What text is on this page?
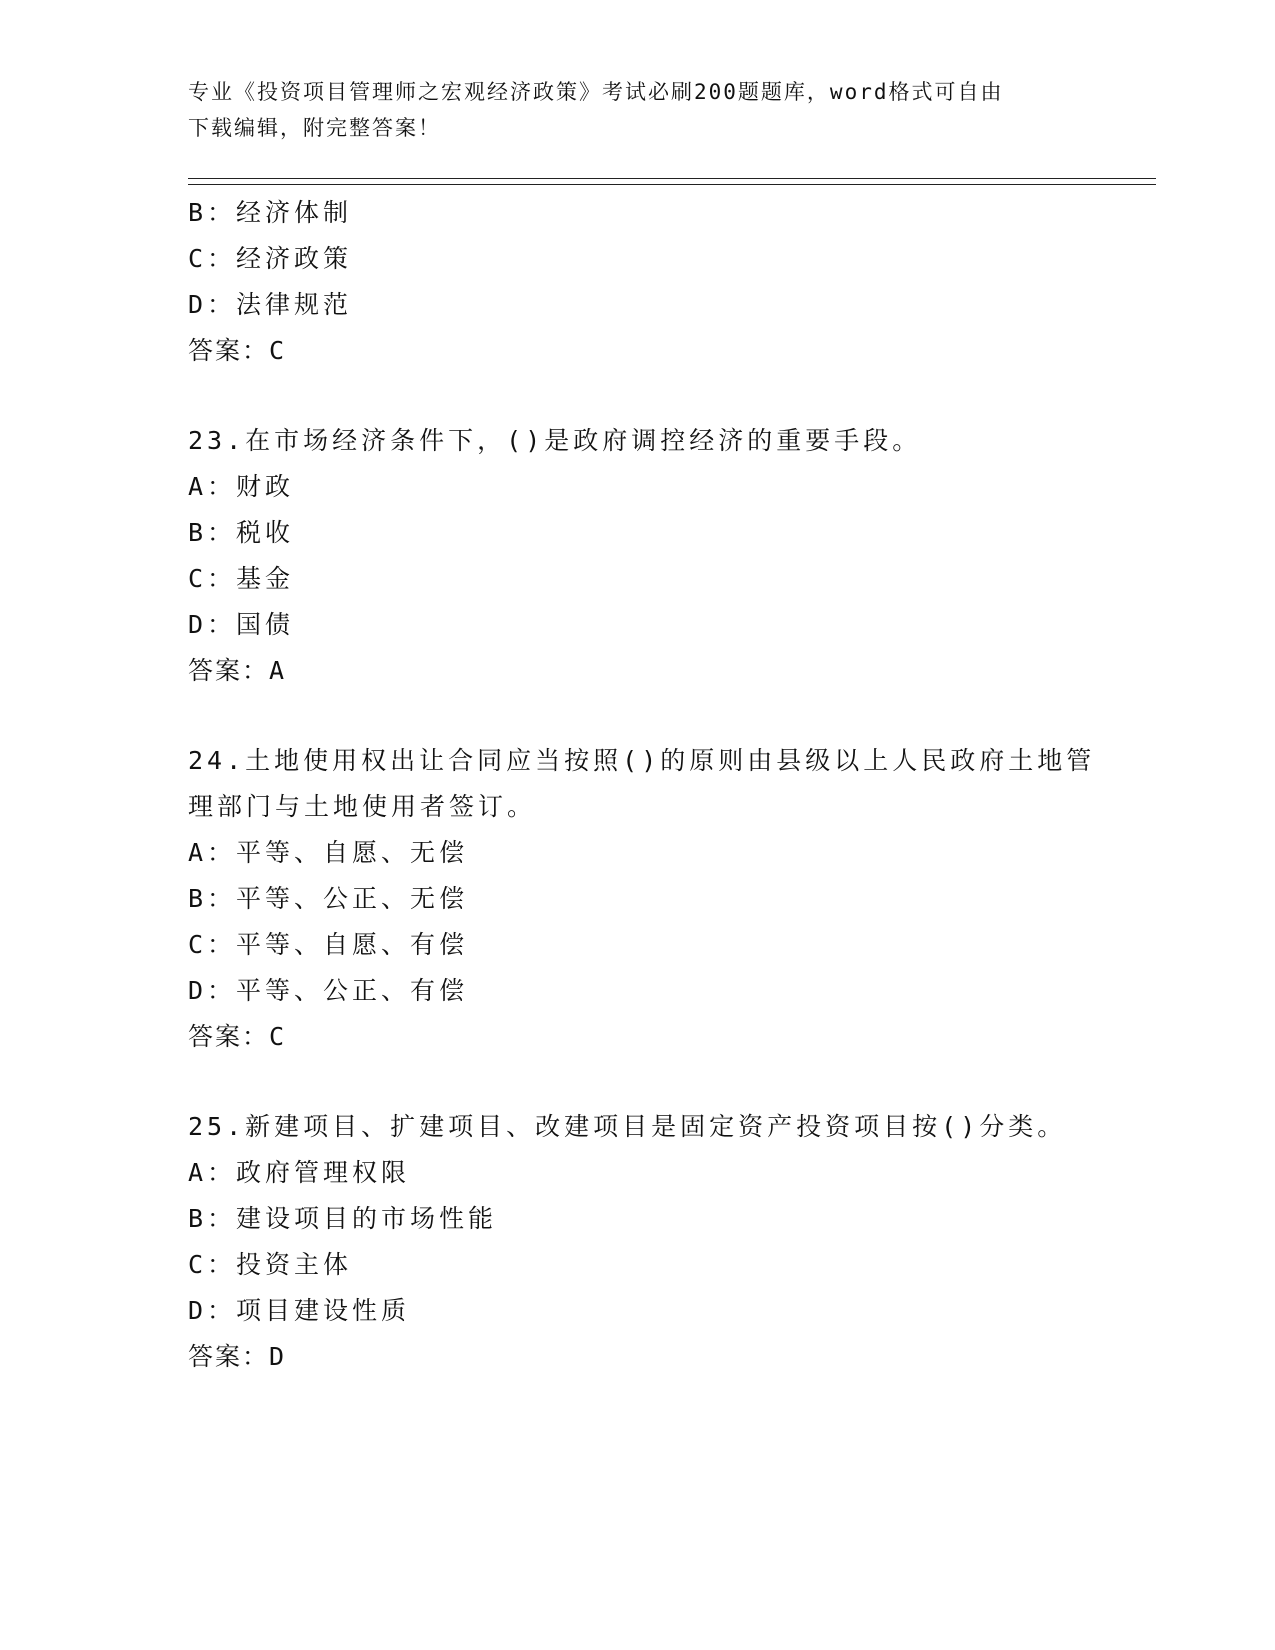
专业《投资项目管理师之宏观经济政策》考试必刷200题题库，word格式可自由
下载编辑，附完整答案！
B：经济体制
C：经济政策
D：法律规范
答案：C
23.在市场经济条件下，()是政府调控经济的重要手段。
A：财政
B：税收
C：基金
D：国债
答案：A
24.土地使用权出让合同应当按照()的原则由县级以上人民政府土地管
理部门与土地使用者签订。
A：平等、自愿、无偿
B：平等、公正、无偿
C：平等、自愿、有偿
D：平等、公正、有偿
答案：C
25.新建项目、扩建项目、改建项目是固定资产投资项目按()分类。
A：政府管理权限
B：建设项目的市场性能
C：投资主体
D：项目建设性质
答案：D
